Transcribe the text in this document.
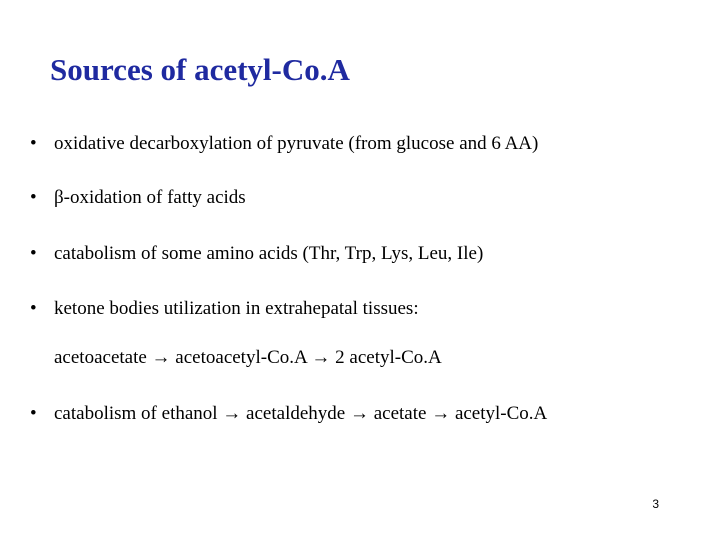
Sources of acetyl-Co.A
• oxidative decarboxylation of pyruvate (from glucose and 6 AA)
• β-oxidation of fatty acids
• catabolism of some amino acids (Thr, Trp, Lys, Leu, Ile)
• ketone bodies utilization in extrahepatal tissues:
acetoacetate → acetoacetyl-Co.A → 2 acetyl-Co.A
• catabolism of ethanol → acetaldehyde → acetate → acetyl-Co.A
3
